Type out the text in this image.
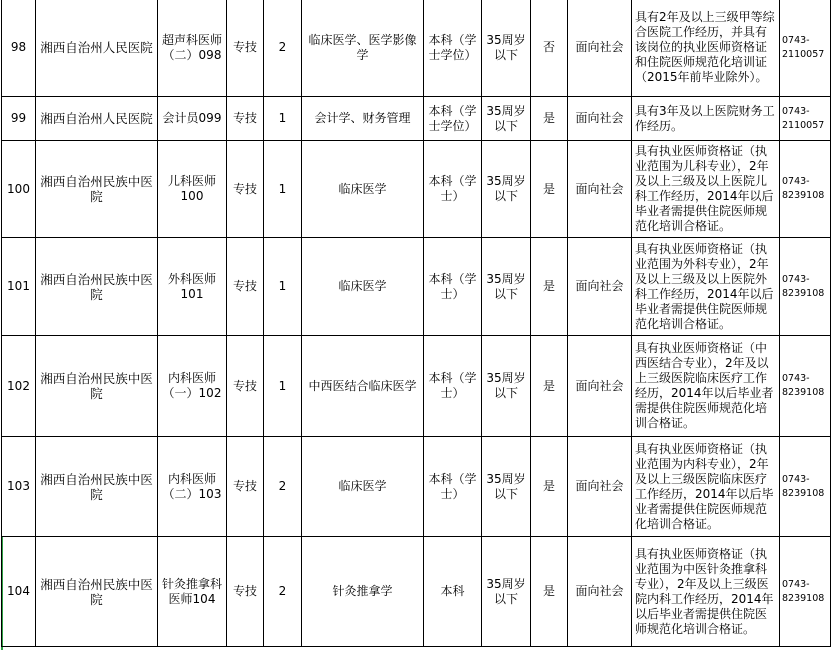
98	湘西自治州人民医院	超声科医师（二）098	专技	2	临床医学、医学影像学	本科（学士学位）	35周岁以下	否	面向社会	具有2年及以上三级甲等综合医院工作经历，并具有该岗位的执业医师资格证和住院医师规范化培训证（2015年前毕业除外）。	0743-2110057
99	湘西自治州人民医院	会计员099	专技	1	会计学、财务管理	本科（学士学位）	35周岁以下	是	面向社会	具有3年及以上医院财务工作经历。	0743-2110057
100	湘西自治州民族中医院	儿科医师100	专技	1	临床医学	本科（学士）	35周岁以下	是	面向社会	具有执业医师资格证（执业范围为儿科专业），2年及以上三级及以上医院儿科工作经历，2014年以后毕业者需提供住院医师规范化培训合格证。	0743-8239108
101	湘西自治州民族中医院	外科医师101	专技	1	临床医学	本科（学士）	35周岁以下	是	面向社会	具有执业医师资格证（执业范围为外科专业），2年及以上三级及以上医院外科工作经历，2014年以后毕业者需提供住院医师规范化培训合格证。	0743-8239108
102	湘西自治州民族中医院	内科医师（一）102	专技	1	中西医结合临床医学	本科（学士）	35周岁以下	是	面向社会	具有执业医师资格证（中西医结合专业），2年及以上三级医院临床医疗工作经历，2014年以后毕业者需提供住院医师规范化培训合格证。	0743-8239108
103	湘西自治州民族中医院	内科医师（二）103	专技	2	临床医学	本科（学士）	35周岁以下	是	面向社会	具有执业医师资格证（执业范围为内科专业），2年及以上三级医院临床医疗工作经历，2014年以后毕业者需提供住院医师规范化培训合格证。	0743-8239108
104	湘西自治州民族中医院	针灸推拿科医师104	专技	2	针灸推拿学	本科	35周岁以下	是	面向社会	具有执业医师资格证（执业范围为中医针灸推拿科专业），2年及以上三级医院内科工作经历，2014年以后毕业者需提供住院医师规范化培训合格证。	0743-8239108
